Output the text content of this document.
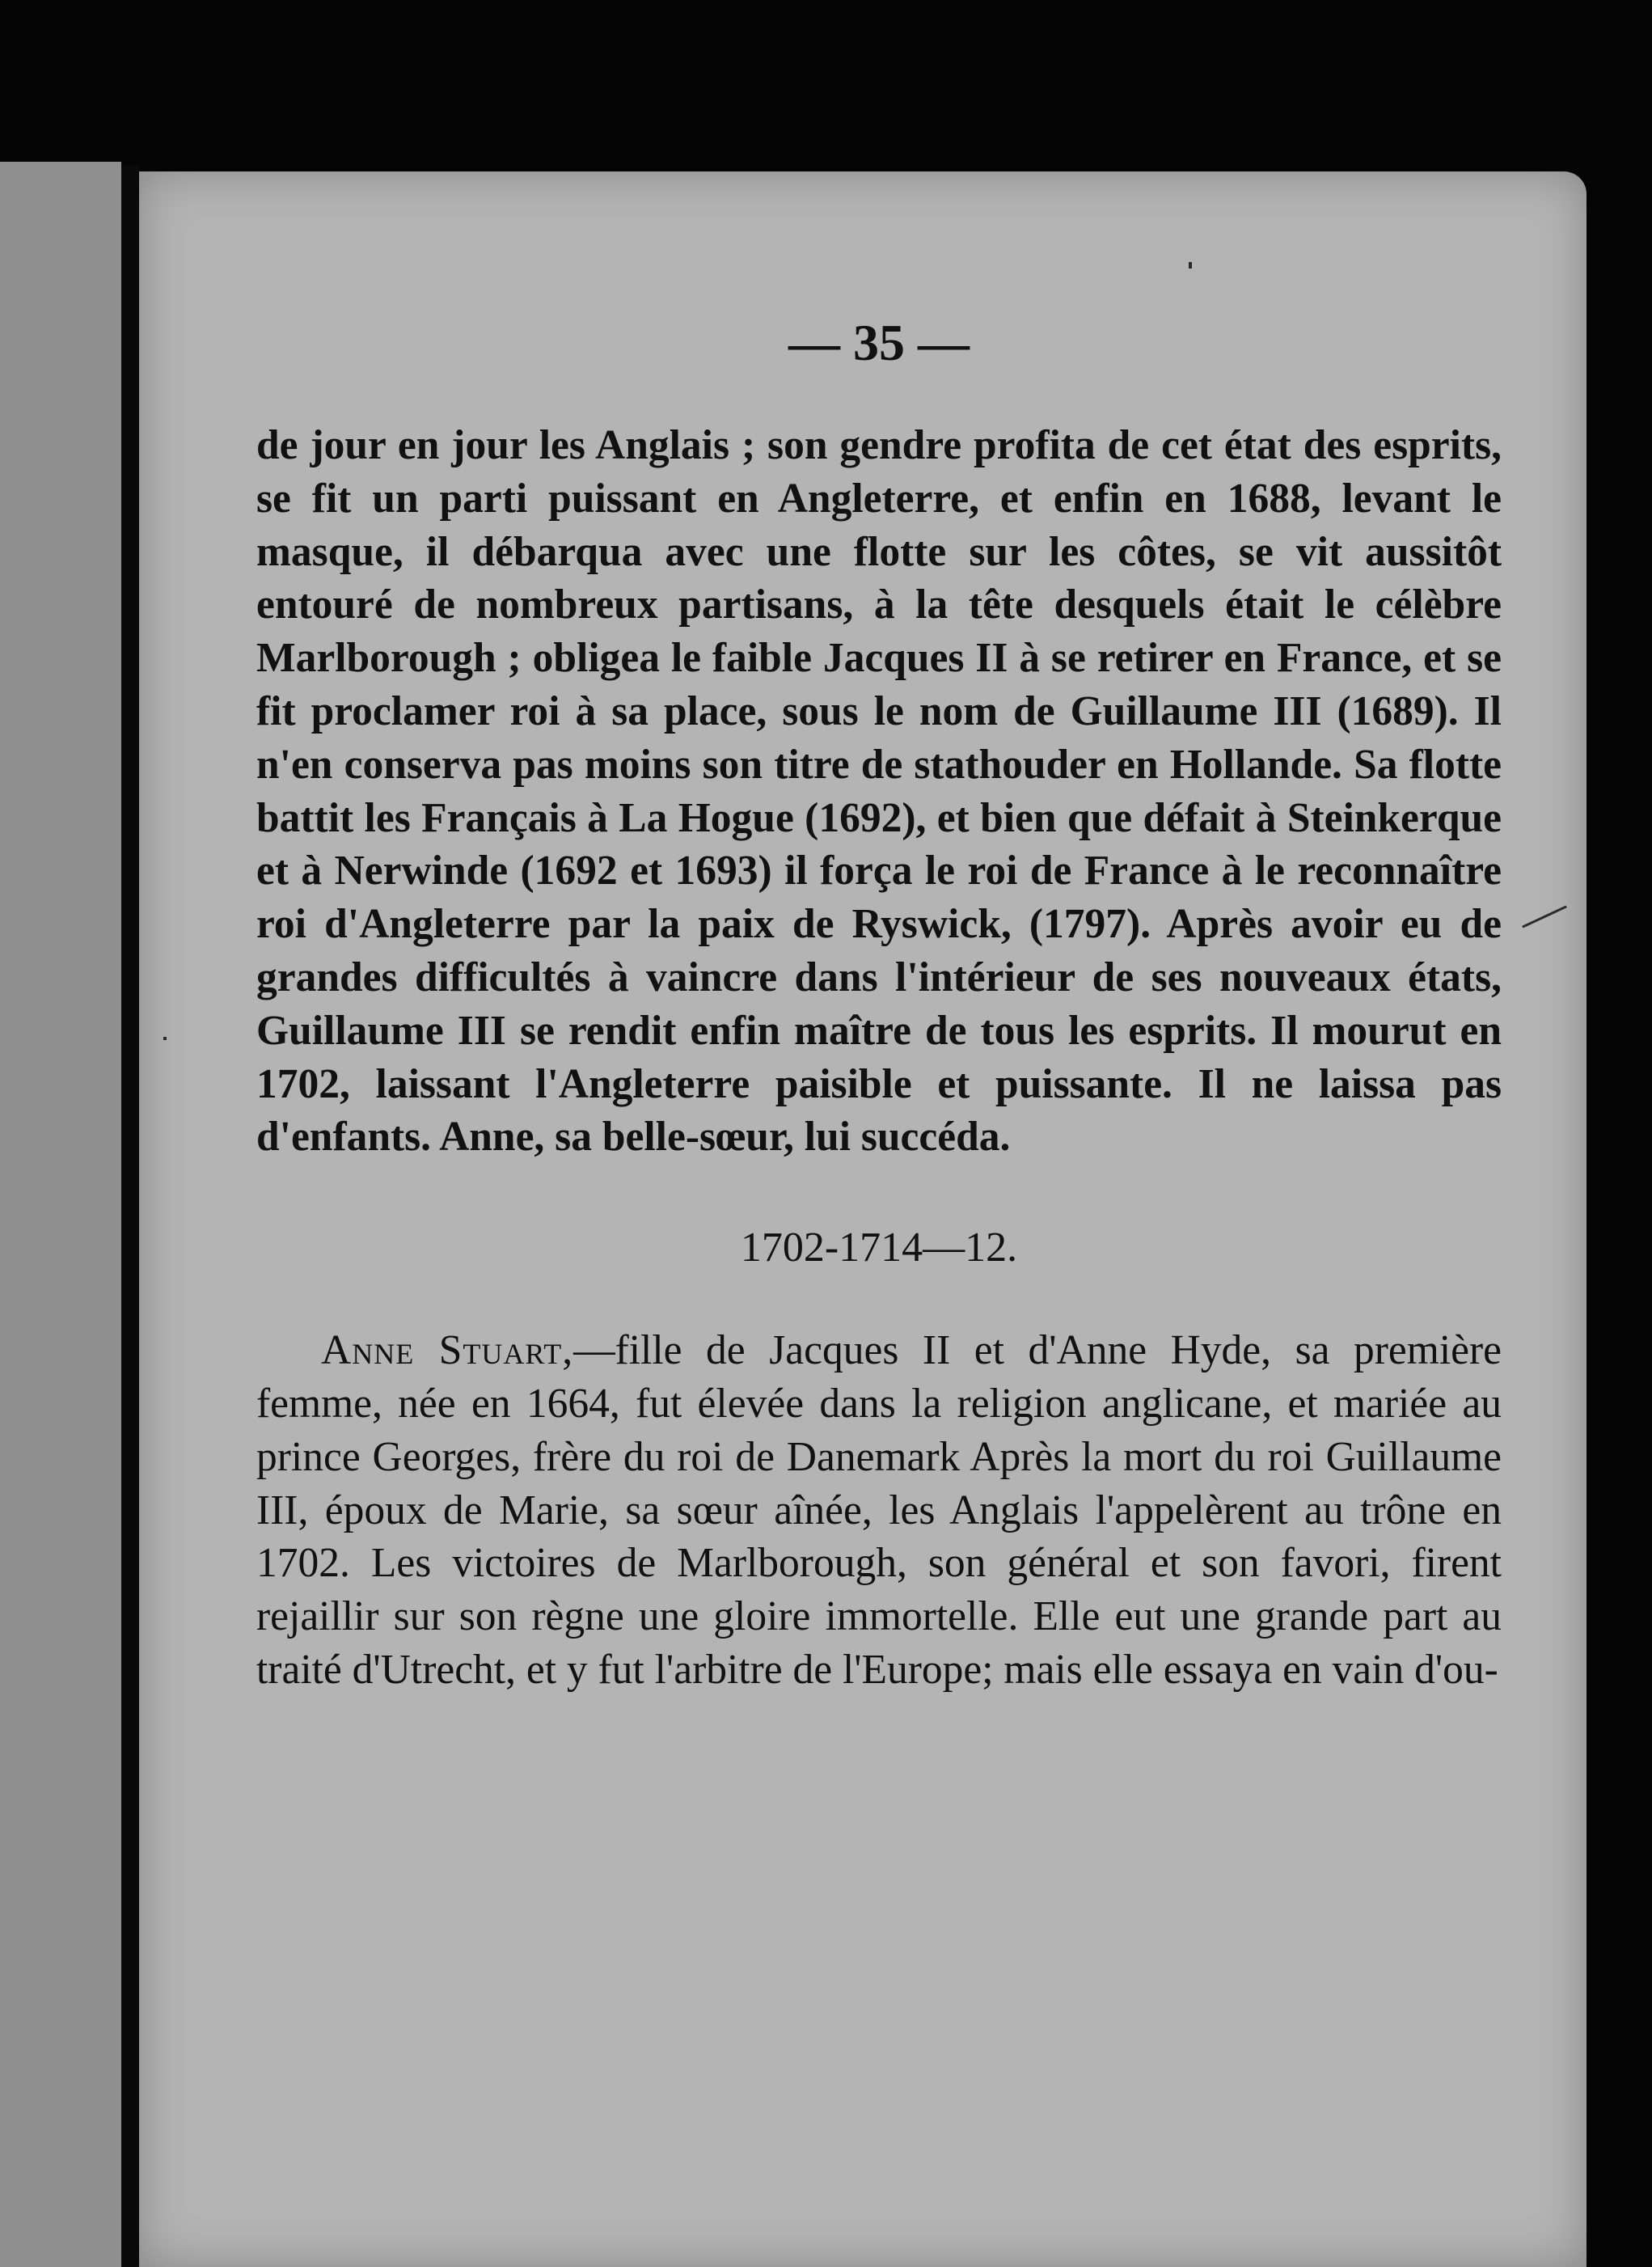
— 35 —

de jour en jour les Anglais ; son gendre profita de cet état des esprits, se fit un parti puissant en Angleterre, et enfin en 1688, levant le masque, il débarqua avec une flotte sur les côtes, se vit aussitôt entouré de nombreux partisans, à la tête desquels était le célèbre Marlborough ; obligea le faible Jacques II à se retirer en France, et se fit proclamer roi à sa place, sous le nom de Guillaume III (1689). Il n'en conserva pas moins son titre de stathouder en Hollande. Sa flotte battit les Français à La Hogue (1692), et bien que défait à Steinkerque et à Nerwinde (1692 et 1693) il força le roi de France à le reconnaître roi d'Angleterre par la paix de Ryswick, (1797). Après avoir eu de grandes difficultés à vaincre dans l'intérieur de ses nouveaux états, Guillaume III se rendit enfin maître de tous les esprits. Il mourut en 1702, laissant l'Angleterre paisible et puissante. Il ne laissa pas d'enfants. Anne, sa belle-sœur, lui succéda.

1702-1714—12.

Anne Stuart,—fille de Jacques II et d'Anne Hyde, sa première femme, née en 1664, fut élevée dans la religion anglicane, et mariée au prince Georges, frère du roi de Danemark Après la mort du roi Guillaume III, époux de Marie, sa sœur aînée, les Anglais l'appelèrent au trône en 1702. Les victoires de Marlborough, son général et son favori, firent rejaillir sur son règne une gloire immortelle. Elle eut une grande part au traité d'Utrecht, et y fut l'arbitre de l'Europe; mais elle essaya en vain d'ou-
